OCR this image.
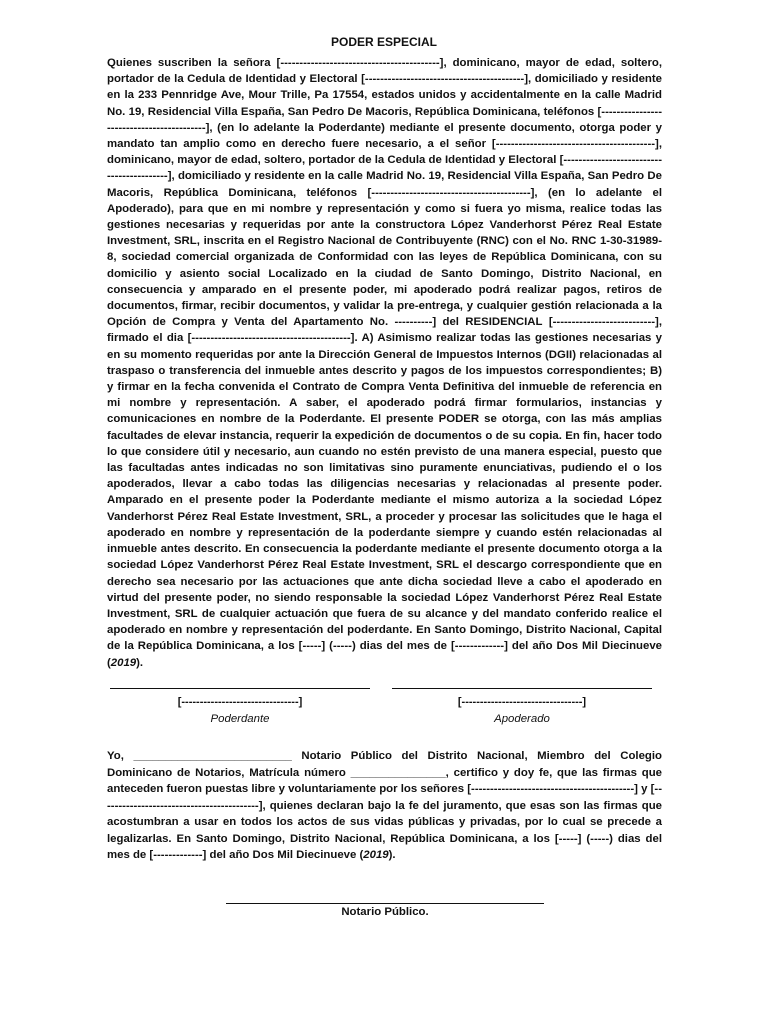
PODER ESPECIAL

Quienes suscriben la señora [------------------------------------------], dominicano, mayor de edad, soltero, portador de la Cedula de Identidad y Electoral [------------------------------------------], domiciliado y residente en la 233 Pennridge Ave, Mour Trille, Pa 17554, estados unidos y accidentalmente en la calle Madrid No. 19, Residencial Villa España, San Pedro De Macoris, República Dominicana, teléfonos [------------------------------------------], (en lo adelante la Poderdante) mediante el presente documento, otorga poder y mandato tan amplio como en derecho fuere necesario, a el señor [------------------------------------------], dominicano, mayor de edad, soltero, portador de la Cedula de Identidad y Electoral [------------------------------------------], domiciliado y residente en la calle Madrid No. 19, Residencial Villa España, San Pedro De Macoris, República Dominicana, teléfonos [------------------------------------------], (en lo adelante el Apoderado), para que en mi nombre y representación y como si fuera yo misma, realice todas las gestiones necesarias y requeridas por ante la constructora López Vanderhorst Pérez Real Estate Investment, SRL, inscrita en el Registro Nacional de Contribuyente (RNC) con el No. RNC 1-30-31989-8, sociedad comercial organizada de Conformidad con las leyes de República Dominicana, con su domicilio y asiento social Localizado en la ciudad de Santo Domingo, Distrito Nacional, en consecuencia y amparado en el presente poder, mi apoderado podrá realizar pagos, retiros de documentos, firmar, recibir documentos, y validar la pre-entrega, y cualquier gestión relacionada a la Opción de Compra y Venta del Apartamento No. ----------] del RESIDENCIAL [---------------------------], firmado el dia [------------------------------------------]. A) Asimismo realizar todas las gestiones necesarias y en su momento requeridas por ante la Dirección General de Impuestos Internos (DGII) relacionadas al traspaso o transferencia del inmueble antes descrito y pagos de los impuestos correspondientes; B) y firmar en la fecha convenida el Contrato de Compra Venta Definitiva del inmueble de referencia en mi nombre y representación. A saber, el apoderado podrá firmar formularios, instancias y comunicaciones en nombre de la Poderdante. El presente PODER se otorga, con las más amplias facultades de elevar instancia, requerir la expedición de documentos o de su copia. En fin, hacer todo lo que considere útil y necesario, aun cuando no estén previsto de una manera especial, puesto que las facultadas antes indicadas no son limitativas sino puramente enunciativas, pudiendo el o los apoderados, llevar a cabo todas las diligencias necesarias y relacionadas al presente poder. Amparado en el presente poder la Poderdante mediante el mismo autoriza a la sociedad López Vanderhorst Pérez Real Estate Investment, SRL, a proceder y procesar las solicitudes que le haga el apoderado en nombre y representación de la poderdante siempre y cuando estén relacionadas al inmueble antes descrito. En consecuencia la poderdante mediante el presente documento otorga a la sociedad López Vanderhorst Pérez Real Estate Investment, SRL el descargo correspondiente que en derecho sea necesario por las actuaciones que ante dicha sociedad lleve a cabo el apoderado en virtud del presente poder, no siendo responsable la sociedad López Vanderhorst Pérez Real Estate Investment, SRL de cualquier actuación que fuera de su alcance y del mandato conferido realice el apoderado en nombre y representación del poderdante. En Santo Domingo, Distrito Nacional, Capital de la República Dominicana, a los [-----] (-----) dias del mes de [-------------] del año Dos Mil Diecinueve (2019).

[--------------------------------]
Poderdante
[---------------------------------]
Apoderado

Yo, _________________________ Notario Público del Distrito Nacional, Miembro del Colegio Dominicano de Notarios, Matrícula número _______________, certifico y doy fe, que las firmas que anteceden fueron puestas libre y voluntariamente por los señores [-------------------------------------------] y [------------------------------------------], quienes declaran bajo la fe del juramento, que esas son las firmas que acostumbran a usar en todos los actos de sus vidas públicas y privadas, por lo cual se precede a legalizarlas. En Santo Domingo, Distrito Nacional, República Dominicana, a los [-----] (-----) dias del mes de [-------------] del año Dos Mil Diecinueve (2019).

Notario Público.
